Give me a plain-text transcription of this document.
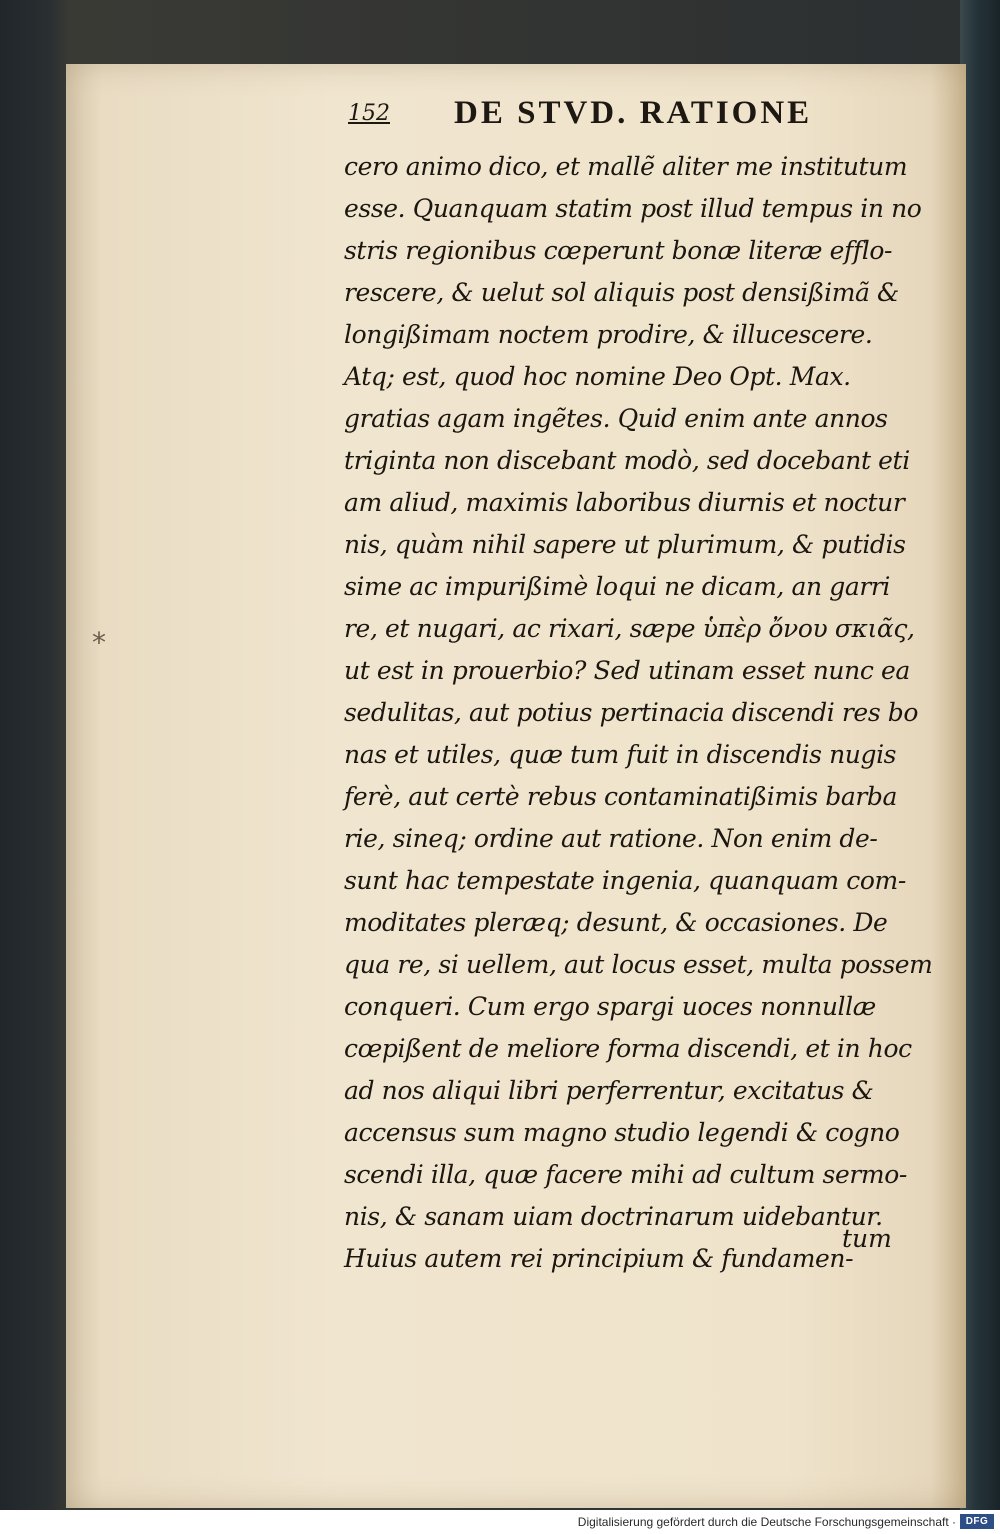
152 DE STVD. RATIONE
*
cero animo dico, et mallẽ aliter me institutum
esse. Quanquam statim post illud tempus in no
stris regionibus cœperunt bonæ literæ efflo-
rescere, & uelut sol aliquis post densißimã &
longißimam noctem prodire, & illucescere.
Atq; est, quod hoc nomine Deo Opt. Max.
gratias agam ingẽtes. Quid enim ante annos
triginta non discebant modò, sed docebant eti
am aliud, maximis laboribus diurnis et noctur
nis, quàm nihil sapere ut plurimum, & putidis
sime ac impurißimè loqui ne dicam, an garri
re, et nugari, ac rixari, sæpe ὑπὲρ ὄνου σκιᾶς,
ut est in prouerbio? Sed utinam esset nunc ea
sedulitas, aut potius pertinacia discendi res bo
nas et utiles, quæ tum fuit in discendis nugis
ferè, aut certè rebus contaminatißimis barba
rie, sineq; ordine aut ratione. Non enim de-
sunt hac tempestate ingenia, quanquam com-
moditates pleræq; desunt, & occasiones. De
qua re, si uellem, aut locus esset, multa possem
conqueri. Cum ergo spargi uoces nonnullæ
cœpißent de meliore forma discendi, et in hoc
ad nos aliqui libri perferrentur, excitatus &
accensus sum magno studio legendi & cogno
scendi illa, quæ facere mihi ad cultum sermo-
nis, & sanam uiam doctrinarum uidebantur.
Huius autem rei principium & fundamen-
tum
Digitalisierung gefördert durch die Deutsche Forschungsgemeinschaft · DFG
